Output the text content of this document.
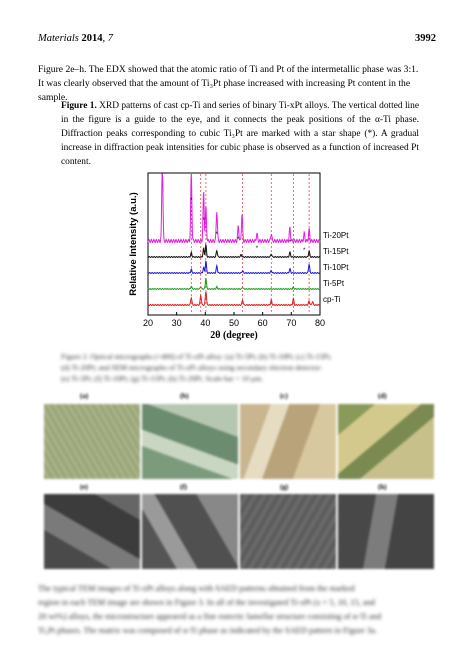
Materials 2014, 7	3992
Figure 2e–h. The EDX showed that the atomic ratio of Ti and Pt of the intermetallic phase was 3:1.
It was clearly observed that the amount of Ti₃Pt phase increased with increasing Pt content in the sample.
Figure 1. XRD patterns of cast cp-Ti and series of binary Ti-xPt alloys. The vertical dotted line in the figure is a guide to the eye, and it connects the peak positions of the α-Ti phase. Diffraction peaks corresponding to cubic Ti₃Pt are marked with a star shape (*). A gradual increase in diffraction peak intensities for cubic phase is observed as a function of increased Pt content.
20 30 40 50 60 70 80
cp-Ti
Ti-5Pt
Ti-10Pt
Ti-15Pt
Ti-20Pt
*
*
*
*
*
*
*
Relative Intensity (a.u.)
2θ (degree)
Figure 2. Optical micrographs (×400) of Ti-xPt alloy: (a) Ti-5Pt; (b) Ti-10Pt; (c) Ti-15Pt;
(d) Ti-20Pt; and SEM micrographs of Ti-xPt alloys using secondary electron detector:
(e) Ti-5Pt; (f) Ti-10Pt; (g) Ti-15Pt; (h) Ti-20Pt. Scale bar = 10 μm.
(a)	(b)	(c)	(d)
(e)	(f)	(g)	(h)
The typical TEM images of Ti-xPt alloys along with SAED patterns obtained from the marked
region in each TEM image are shown in Figure 3. In all of the investigated Ti-xPt (x = 5, 10, 15, and
20 wt%) alloys, the microstructure appeared as a fine eutectic lamellar structure consisting of α-Ti and
Ti₃Pt phases. The matrix was composed of α-Ti phase as indicated by the SAED pattern in Figure 3a.
